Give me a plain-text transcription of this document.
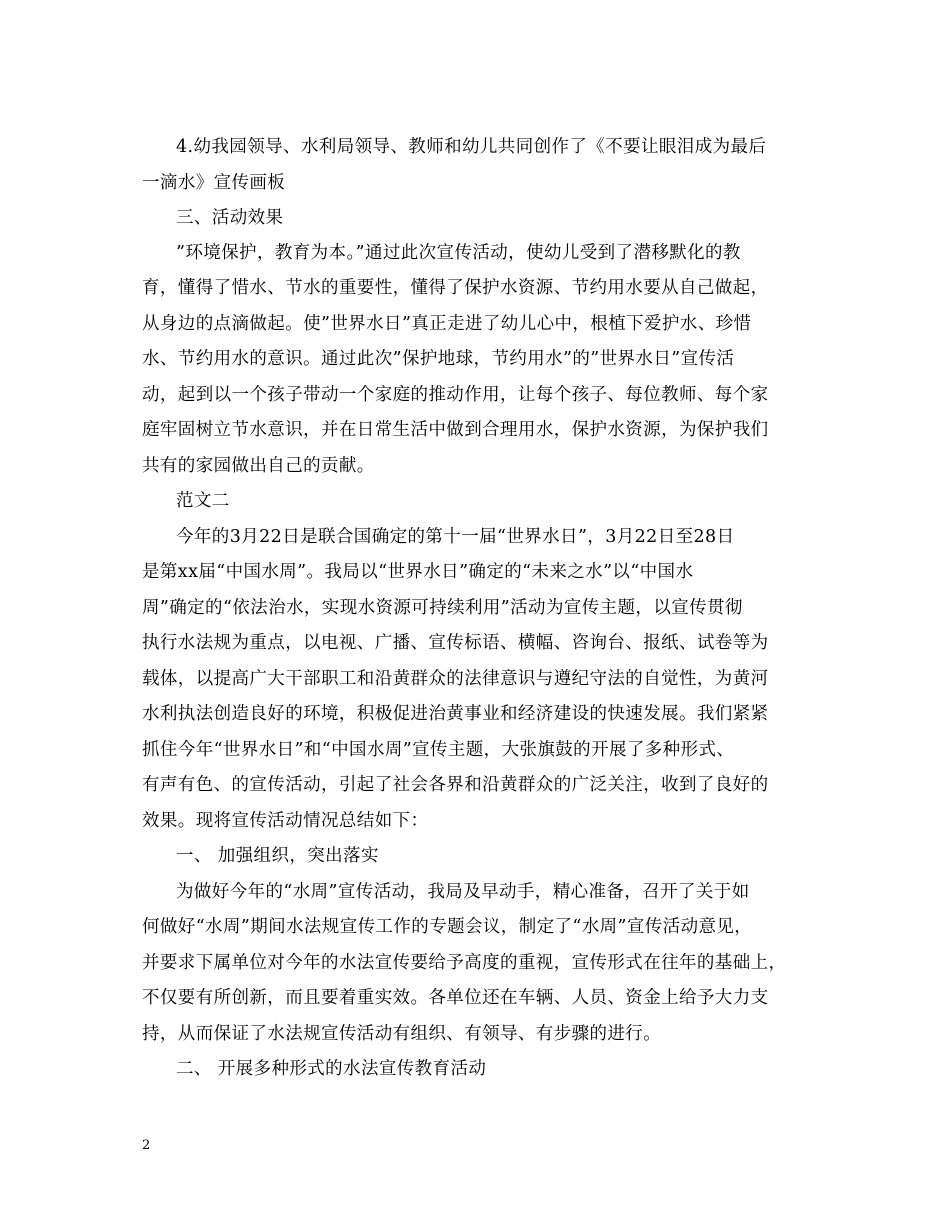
4.幼我园领导、水利局领导、教师和幼儿共同创作了《不要让眼泪成为最后
一滴水》宣传画板
三、活动效果
”环境保护，教育为本。”通过此次宣传活动，使幼儿受到了潜移默化的教
育，懂得了惜水、节水的重要性，懂得了保护水资源、节约用水要从自己做起，
从身边的点滴做起。使”世界水日”真正走进了幼儿心中，根植下爱护水、珍惜
水、节约用水的意识。通过此次”保护地球，节约用水”的”世界水日”宣传活
动，起到以一个孩子带动一个家庭的推动作用，让每个孩子、每位教师、每个家
庭牢固树立节水意识，并在日常生活中做到合理用水，保护水资源，为保护我们
共有的家园做出自己的贡献。
范文二
今年的3月22日是联合国确定的第十一届“世界水日”，3月22日至28日
是第xx届“中国水周”。我局以“世界水日”确定的“未来之水”以“中国水
周”确定的“依法治水，实现水资源可持续利用”活动为宣传主题，以宣传贯彻
执行水法规为重点，以电视、广播、宣传标语、横幅、咨询台、报纸、试卷等为
载体，以提高广大干部职工和沿黄群众的法律意识与遵纪守法的自觉性，为黄河
水利执法创造良好的环境，积极促进治黄事业和经济建设的快速发展。我们紧紧
抓住今年“世界水日”和“中国水周”宣传主题，大张旗鼓的开展了多种形式、
有声有色、的宣传活动，引起了社会各界和沿黄群众的广泛关注，收到了良好的
效果。现将宣传活动情况总结如下：
一、 加强组织，突出落实
为做好今年的“水周”宣传活动，我局及早动手，精心准备，召开了关于如
何做好“水周”期间水法规宣传工作的专题会议，制定了“水周”宣传活动意见，
并要求下属单位对今年的水法宣传要给予高度的重视，宣传形式在往年的基础上，
不仅要有所创新，而且要着重实效。各单位还在车辆、人员、资金上给予大力支
持，从而保证了水法规宣传活动有组织、有领导、有步骤的进行。
二、 开展多种形式的水法宣传教育活动
2
